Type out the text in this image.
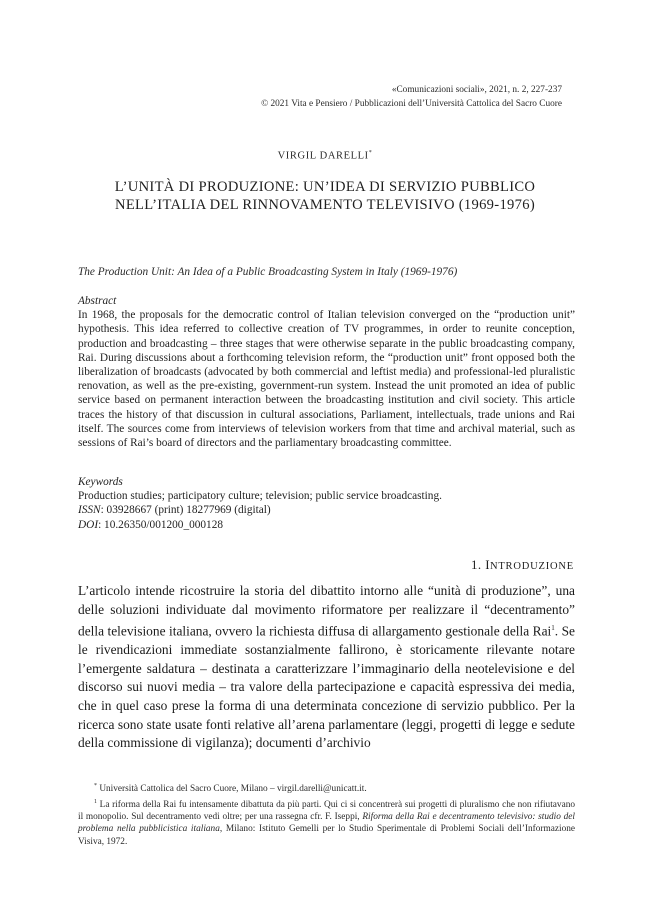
«Comunicazioni sociali», 2021, n. 2, 227-237
© 2021 Vita e Pensiero / Pubblicazioni dell’Università Cattolica del Sacro Cuore
VIRGIL DARELLI*
L’UNITÀ DI PRODUZIONE: UN’IDEA DI SERVIZIO PUBBLICO
NELL’ITALIA DEL RINNOVAMENTO TELEVISIVO (1969-1976)
The Production Unit: An Idea of a Public Broadcasting System in Italy (1969-1976)
Abstract
In 1968, the proposals for the democratic control of Italian television converged on the “production unit” hypothesis. This idea referred to collective creation of TV programmes, in order to reunite conception, production and broadcasting – three stages that were otherwise separate in the public broadcasting company, Rai. During discussions about a forthcoming television reform, the “production unit” front opposed both the liberalization of broadcasts (advocated by both commercial and leftist media) and professional-led pluralistic renovation, as well as the pre-existing, government-run system. Instead the unit promoted an idea of public service based on permanent interaction between the broadcasting institution and civil society. This article traces the history of that discussion in cultural associations, Parliament, intellectuals, trade unions and Rai itself. The sources come from interviews of television workers from that time and archival material, such as sessions of Rai’s board of directors and the parliamentary broadcasting committee.
Keywords
Production studies; participatory culture; television; public service broadcasting.
ISSN: 03928667 (print) 18277969 (digital)
DOI: 10.26350/001200_000128
1. INTRODUZIONE
L’articolo intende ricostruire la storia del dibattito intorno alle “unità di produzione”, una delle soluzioni individuate dal movimento riformatore per realizzare il “decentramento” della televisione italiana, ovvero la richiesta diffusa di allargamento gestionale della Rai$^1$. Se le rivendicazioni immediate sostanzialmente fallirono, è storicamente rilevante notare l’emergente saldatura – destinata a caratterizzare l’immaginario della neotelevisione e del discorso sui nuovi media – tra valore della partecipazione e capacità espressiva dei media, che in quel caso prese la forma di una determinata concezione di servizio pubblico. Per la ricerca sono state usate fonti relative all’arena parlamentare (leggi, progetti di legge e sedute della commissione di vigilanza); documenti d’archivio
* Università Cattolica del Sacro Cuore, Milano – virgil.darelli@unicatt.it.
$^1$ La riforma della Rai fu intensamente dibattuta da più parti. Qui ci si concentrerà sui progetti di pluralismo che non rifiutavano il monopolio. Sul decentramento vedi oltre; per una rassegna cfr. F. Iseppi, Riforma della Rai e decentramento televisivo: studio del problema nella pubblicistica italiana, Milano: Istituto Gemelli per lo Studio Sperimentale di Problemi Sociali dell’Informazione Visiva, 1972.
